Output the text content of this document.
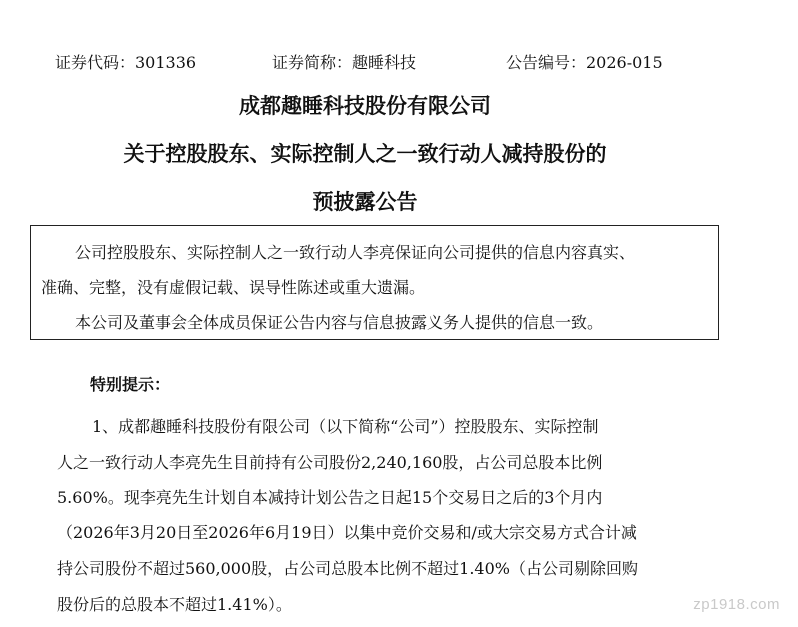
证券代码：301336	证券简称：趣睡科技	公告编号：2026-015
成都趣睡科技股份有限公司
关于控股股东、实际控制人之一致行动人减持股份的
预披露公告

公司控股股东、实际控制人之一致行动人李亮保证向公司提供的信息内容真实、

准确、完整，没有虚假记载、误导性陈述或重大遗漏。

本公司及董事会全体成员保证公告内容与信息披露义务人提供的信息一致。

特别提示：

1、成都趣睡科技股份有限公司（以下简称“公司”）控股股东、实际控制

人之一致行动人李亮先生目前持有公司股份2,240,160股，占公司总股本比例

5.60%。现李亮先生计划自本减持计划公告之日起15个交易日之后的3个月内

（2026年3月20日至2026年6月19日）以集中竞价交易和/或大宗交易方式合计减

持公司股份不超过560,000股，占公司总股本比例不超过1.40%（占公司剔除回购

股份后的总股本不超过1.41%）。	zp1918.com
